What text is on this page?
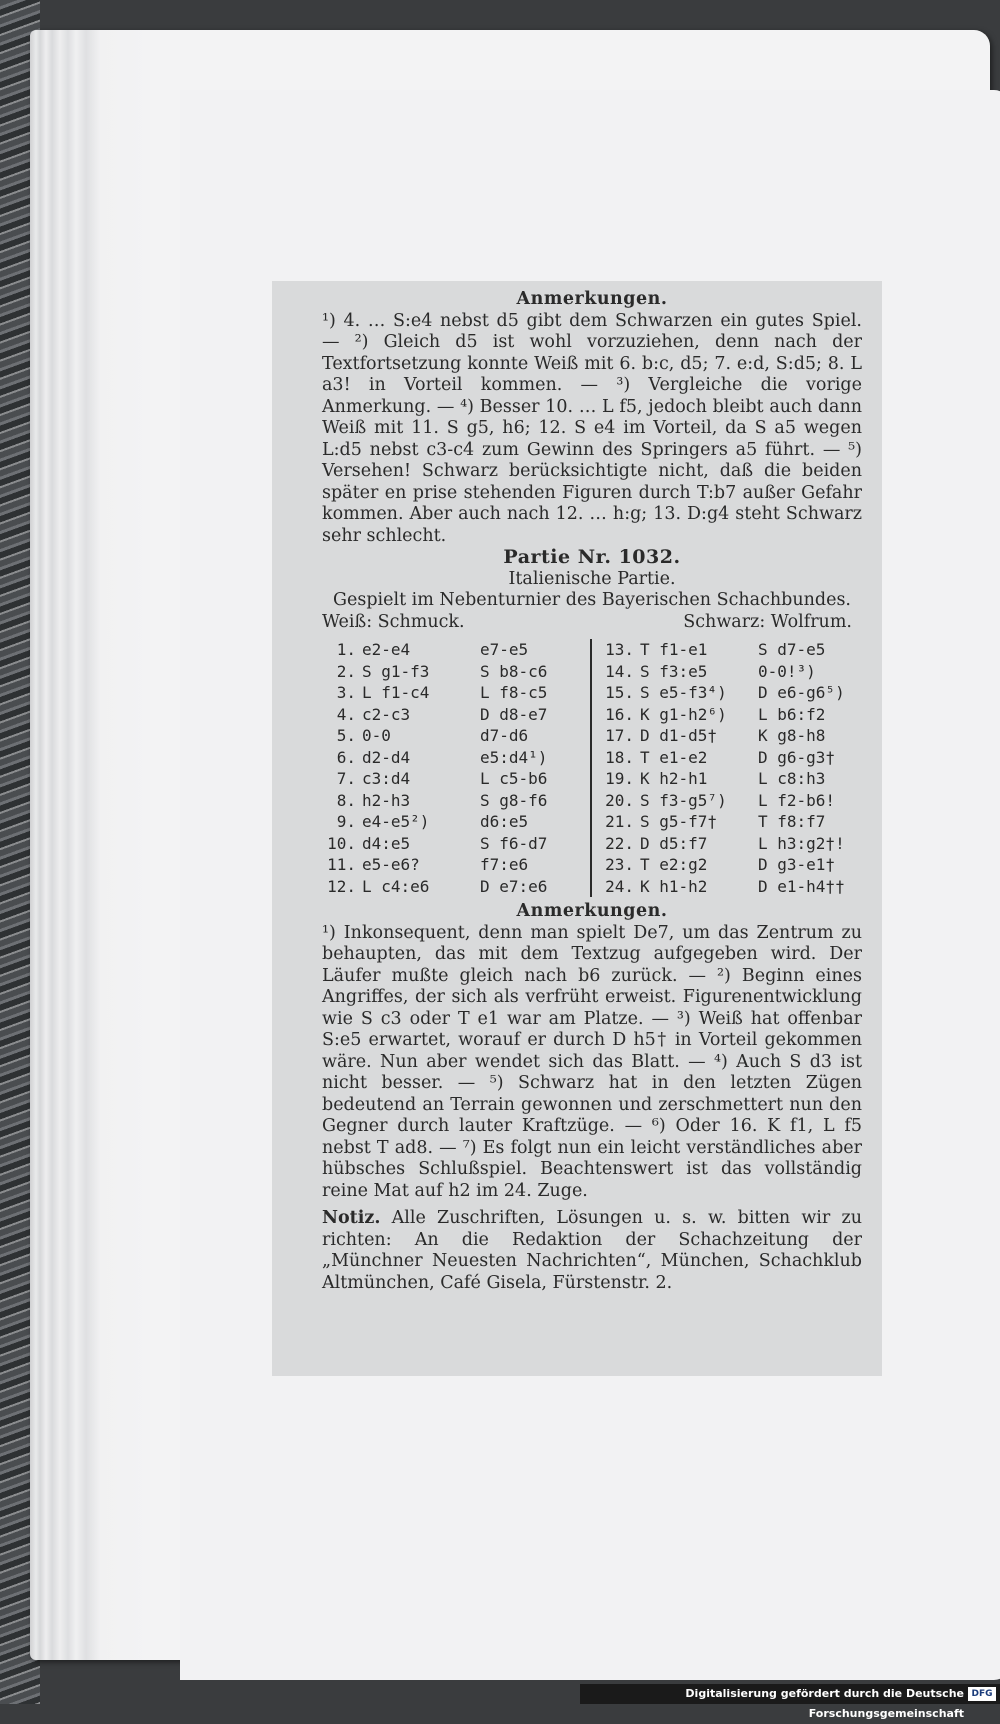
Anmerkungen.

¹) 4. … S:e4 nebst d5 gibt dem Schwarzen ein gutes Spiel. — ²) Gleich d5 ist wohl vorzuziehen, denn nach der Textfortsetzung konnte Weiß mit 6. b:c, d5; 7. e:d, S:d5; 8. L a3! in Vorteil kommen. — ³) Vergleiche die vorige Anmerkung. — ⁴) Besser 10. … L f5, jedoch bleibt auch dann Weiß mit 11. S g5, h6; 12. S e4 im Vorteil, da S a5 wegen L:d5 nebst c3-c4 zum Gewinn des Springers a5 führt. — ⁵) Versehen! Schwarz berücksichtigte nicht, daß die beiden später en prise stehenden Figuren durch T:b7 außer Gefahr kommen. Aber auch nach 12. … h:g; 13. D:g4 steht Schwarz sehr schlecht.

Partie Nr. 1032.

Italienische Partie.

Gespielt im Nebenturnier des Bayerischen Schachbundes.

Weiß: Schmuck.	Schwarz: Wolfrum.
1. e2-e4	e7-e5
2. S g1-f3	S b8-c6
3. L f1-c4	L f8-c5
4. c2-c3	D d8-e7
5. 0-0	d7-d6
6. d2-d4	e5:d4¹)
7. c3:d4	L c5-b6
8. h2-h3	S g8-f6
9. e4-e5²)	d6:e5
10. d4:e5	S f6-d7
11. e5-e6?	f7:e6
12. L c4:e6	D e7:e6
13. T f1-e1	S d7-e5
14. S f3:e5	0-0!³)
15. S e5-f3⁴)	D e6-g6⁵)
16. K g1-h2⁶)	L b6:f2
17. D d1-d5†	K g8-h8
18. T e1-e2	D g6-g3†
19. K h2-h1	L c8:h3
20. S f3-g5⁷)	L f2-b6!
21. S g5-f7†	T f8:f7
22. D d5:f7	L h3:g2†!
23. T e2:g2	D g3-e1†
24. K h1-h2	D e1-h4††

Anmerkungen.

¹) Inkonsequent, denn man spielt De7, um das Zentrum zu behaupten, das mit dem Textzug aufgegeben wird. Der Läufer mußte gleich nach b6 zurück. — ²) Beginn eines Angriffes, der sich als verfrüht erweist. Figurenentwicklung wie S c3 oder T e1 war am Platze. — ³) Weiß hat offenbar S:e5 erwartet, worauf er durch D h5† in Vorteil gekommen wäre. Nun aber wendet sich das Blatt. — ⁴) Auch S d3 ist nicht besser. — ⁵) Schwarz hat in den letzten Zügen bedeutend an Terrain gewonnen und zerschmettert nun den Gegner durch lauter Kraftzüge. — ⁶) Oder 16. K f1, L f5 nebst T ad8. — ⁷) Es folgt nun ein leicht verständliches aber hübsches Schlußspiel. Beachtenswert ist das vollständig reine Mat auf h2 im 24. Zuge.

Notiz. Alle Zuschriften, Lösungen u. s. w. bitten wir zu richten: An die Redaktion der Schachzeitung der „Münchner Neuesten Nachrichten“, München, Schachklub Altmünchen, Café Gisela, Fürstenstr. 2.

Digitalisierung gefördert durch die Deutsche Forschungsgemeinschaft
DFG
